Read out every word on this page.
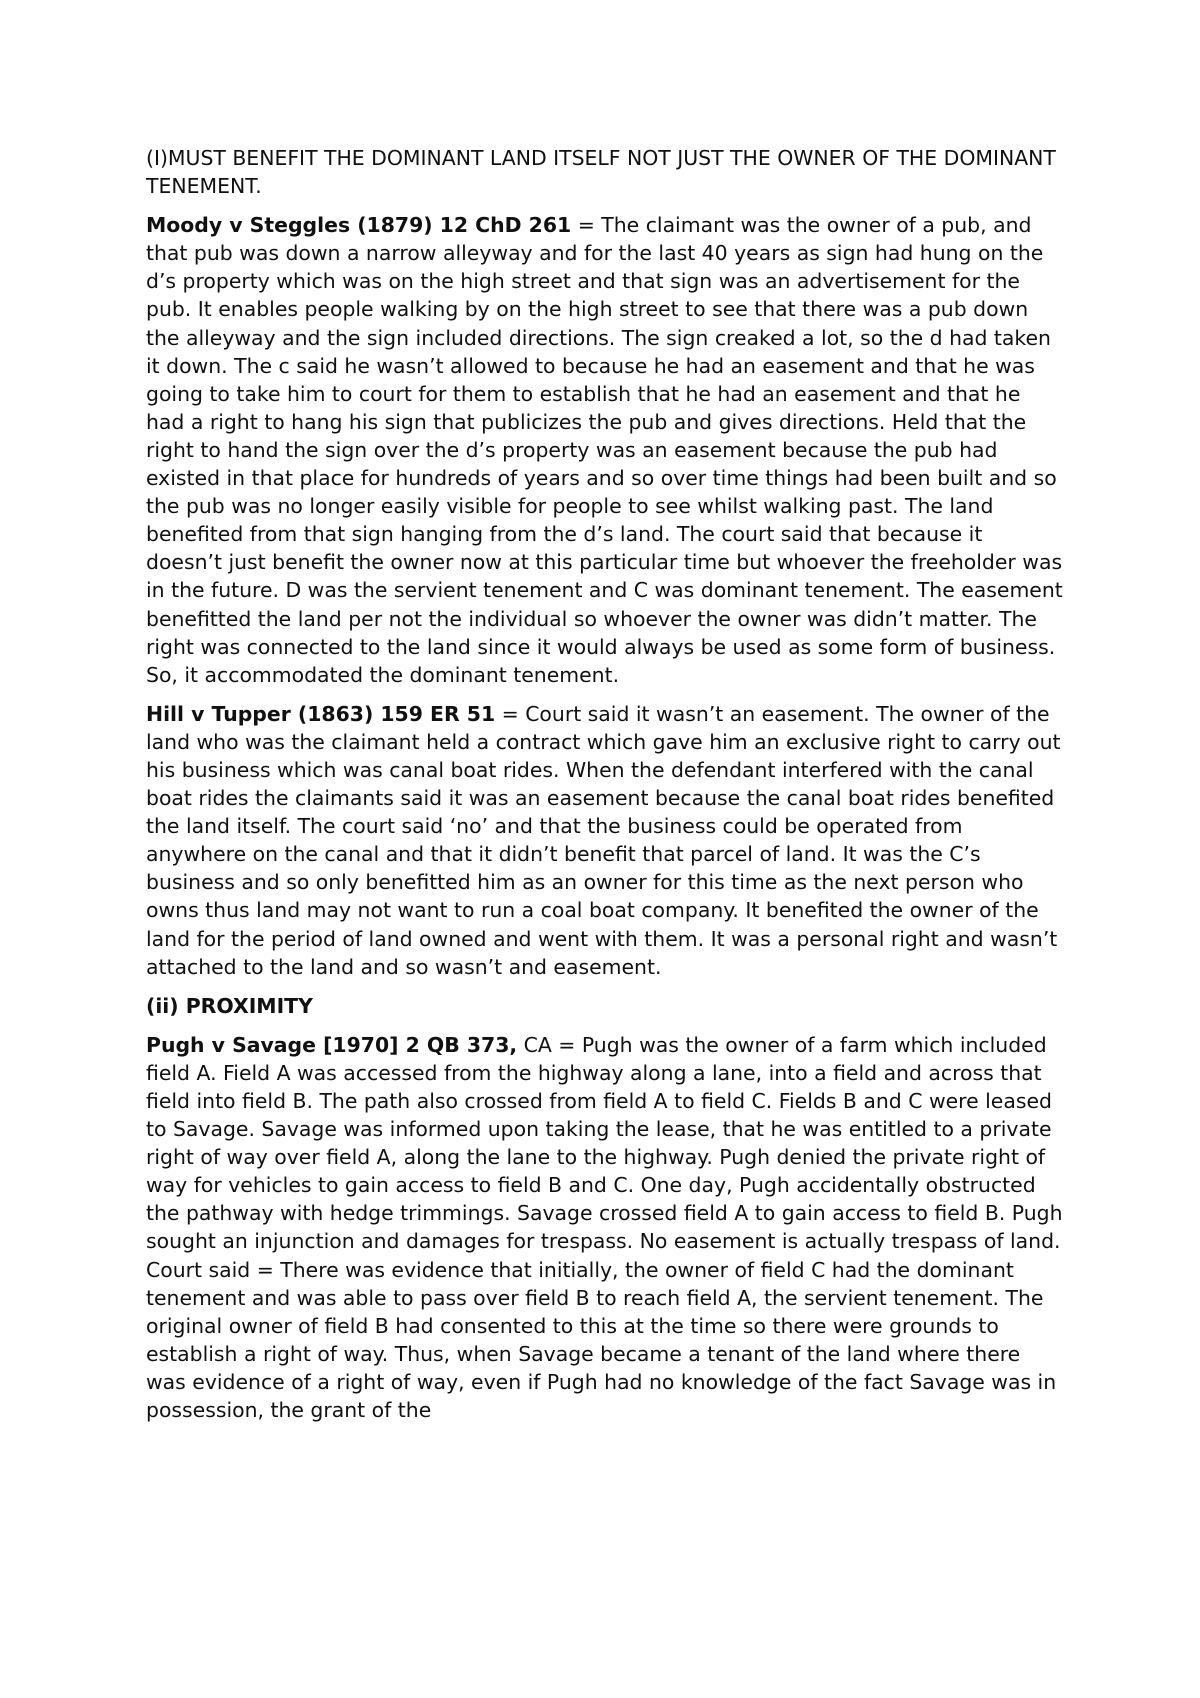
(I)MUST BENEFIT THE DOMINANT LAND ITSELF NOT JUST THE OWNER OF THE DOMINANT TENEMENT.

Moody v Steggles (1879) 12 ChD 261 = The claimant was the owner of a pub, and that pub was down a narrow alleyway and for the last 40 years as sign had hung on the d’s property which was on the high street and that sign was an advertisement for the pub. It enables people walking by on the high street to see that there was a pub down the alleyway and the sign included directions. The sign creaked a lot, so the d had taken it down. The c said he wasn’t allowed to because he had an easement and that he was going to take him to court for them to establish that he had an easement and that he had a right to hang his sign that publicizes the pub and gives directions. Held that the right to hand the sign over the d’s property was an easement because the pub had existed in that place for hundreds of years and so over time things had been built and so the pub was no longer easily visible for people to see whilst walking past. The land benefited from that sign hanging from the d’s land. The court said that because it doesn’t just benefit the owner now at this particular time but whoever the freeholder was in the future. D was the servient tenement and C was dominant tenement. The easement benefitted the land per not the individual so whoever the owner was didn’t matter. The right was connected to the land since it would always be used as some form of business. So, it accommodated the dominant tenement.

Hill v Tupper (1863) 159 ER 51 = Court said it wasn’t an easement. The owner of the land who was the claimant held a contract which gave him an exclusive right to carry out his business which was canal boat rides. When the defendant interfered with the canal boat rides the claimants said it was an easement because the canal boat rides benefited the land itself. The court said ‘no’ and that the business could be operated from anywhere on the canal and that it didn’t benefit that parcel of land. It was the C’s business and so only benefitted him as an owner for this time as the next person who owns thus land may not want to run a coal boat company. It benefited the owner of the land for the period of land owned and went with them. It was a personal right and wasn’t attached to the land and so wasn’t and easement.

(ii) PROXIMITY

Pugh v Savage [1970] 2 QB 373, CA = Pugh was the owner of a farm which included field A. Field A was accessed from the highway along a lane, into a field and across that field into field B. The path also crossed from field A to field C. Fields B and C were leased to Savage. Savage was informed upon taking the lease, that he was entitled to a private right of way over field A, along the lane to the highway. Pugh denied the private right of way for vehicles to gain access to field B and C. One day, Pugh accidentally obstructed the pathway with hedge trimmings. Savage crossed field A to gain access to field B. Pugh sought an injunction and damages for trespass. No easement is actually trespass of land. Court said = There was evidence that initially, the owner of field C had the dominant tenement and was able to pass over field B to reach field A, the servient tenement. The original owner of field B had consented to this at the time so there were grounds to establish a right of way. Thus, when Savage became a tenant of the land where there was evidence of a right of way, even if Pugh had no knowledge of the fact Savage was in possession, the grant of the
